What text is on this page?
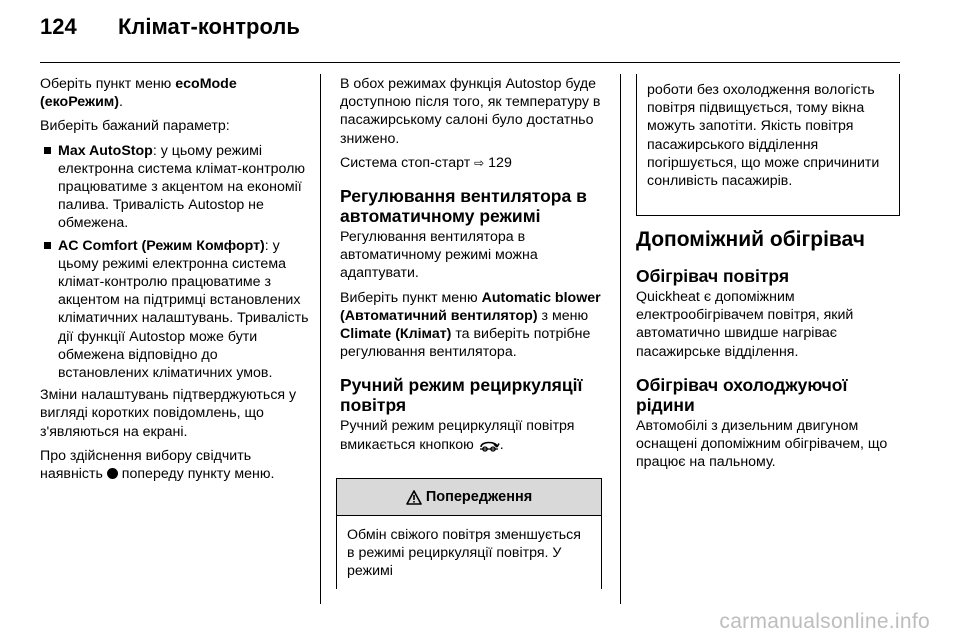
124 Клімат-контроль

Оберіть пункт меню ecoMode (екоРежим).

Виберіть бажаний параметр:

Max AutoStop: у цьому режимі електронна система клімат-контролю працюватиме з акцентом на економії палива. Тривалість Autostop не обмежена.
AC Comfort (Режим Комфорт): у цьому режимі електронна система клімат-контролю працюватиме з акцентом на підтримці встановлених кліматичних налаштувань. Тривалість дії функції Autostop може бути обмежена відповідно до встановлених кліматичних умов.

Зміни налаштувань підтверджуються у вигляді коротких повідомлень, що з'являються на екрані.

Про здійснення вибору свідчить наявність  попереду пункту меню.

В обох режимах функція Autostop буде доступною після того, як температуру в пасажирському салоні було достатньо знижено.

Система стоп-старт ⇨ 129

Регулювання вентилятора в автоматичному режимі

Регулювання вентилятора в автоматичному режимі можна адаптувати.

Виберіть пункт меню Automatic blower (Автоматичний вентилятор) з меню Climate (Клімат) та виберіть потрібне регулювання вентилятора.

Ручний режим рециркуляції повітря

Ручний режим рециркуляції повітря вмикається кнопкою .

Попередження
Обмін свіжого повітря зменшується в режимі рециркуляції повітря. У режимі
роботи без охолодження вологість повітря підвищується, тому вікна можуть запотіти. Якість повітря пасажирського відділення погіршується, що може спричинити сонливість пасажирів.
Допоміжний обігрівач
Обігрівач повітря

Quickheat є допоміжним електрообігрівачем повітря, який автоматично швидше нагріває пасажирське відділення.

Обігрівач охолоджуючої рідини

Автомобілі з дизельним двигуном оснащені допоміжним обігрівачем, що працює на пальному.

carmanualsonline.info
